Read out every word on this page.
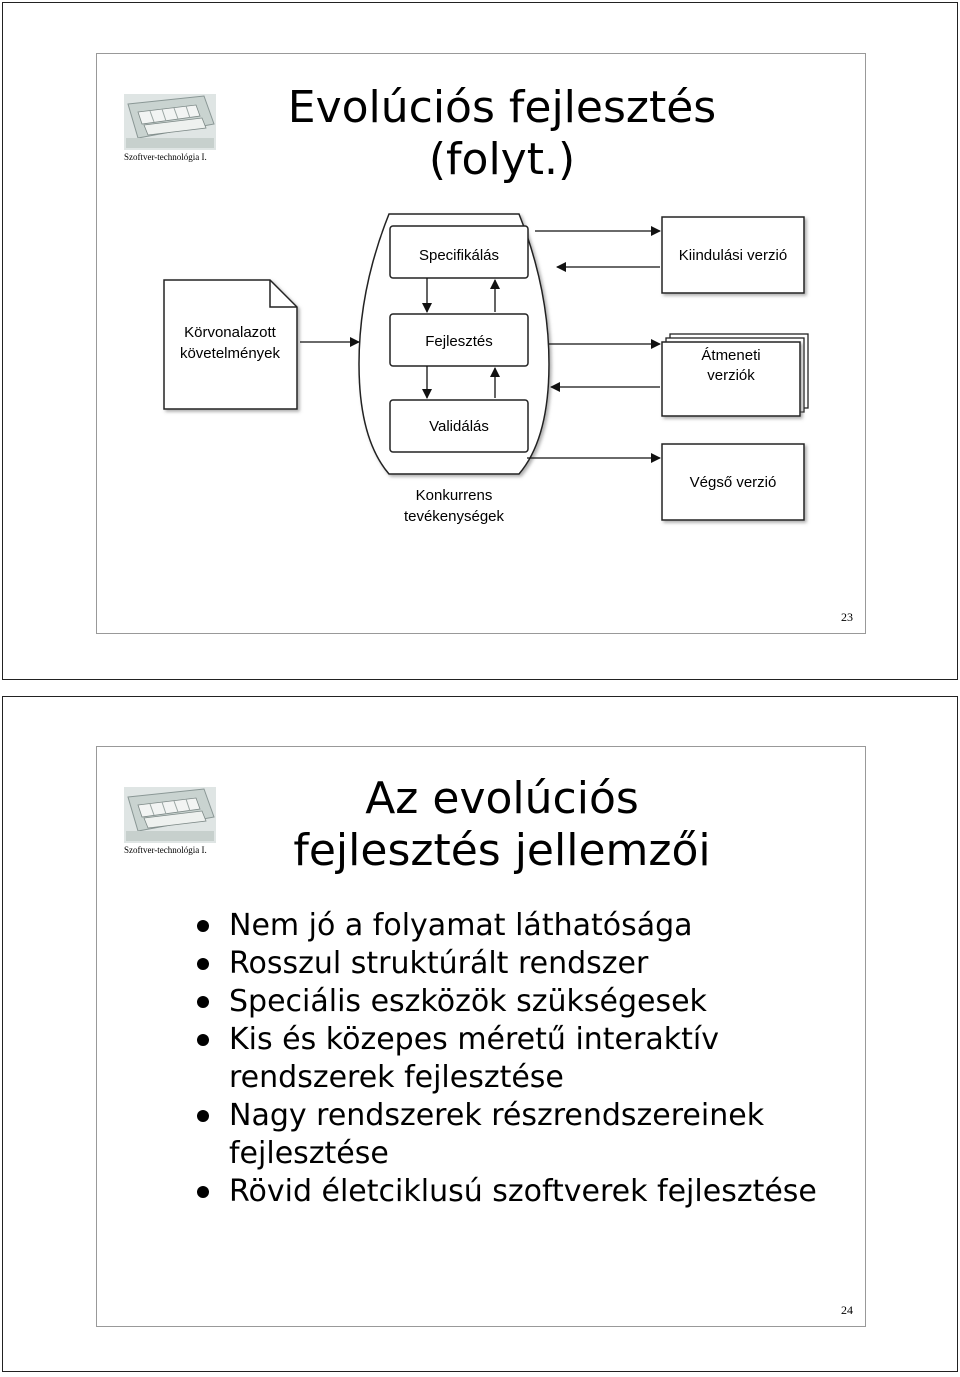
Szoftver-technológia I.
Evolúciós fejlesztés
(folyt.)
Körvonalazott
követelmények
Konkurrens
tevékenységek
Specifikálás
Fejlesztés
Validálás
Kiindulási verzió
Átmeneti
verziók
Végső verzió
23
Szoftver-technológia I.
Az evolúciós
fejlesztés jellemzői
Nem jó a folyamat láthatósága
Rosszul struktúrált rendszer
Speciális eszközök szükségesek
Kis és közepes méretű interaktív rendszerek fejlesztése
Nagy rendszerek részrendszereinek fejlesztése
Rövid életciklusú szoftverek fejlesztése
24
